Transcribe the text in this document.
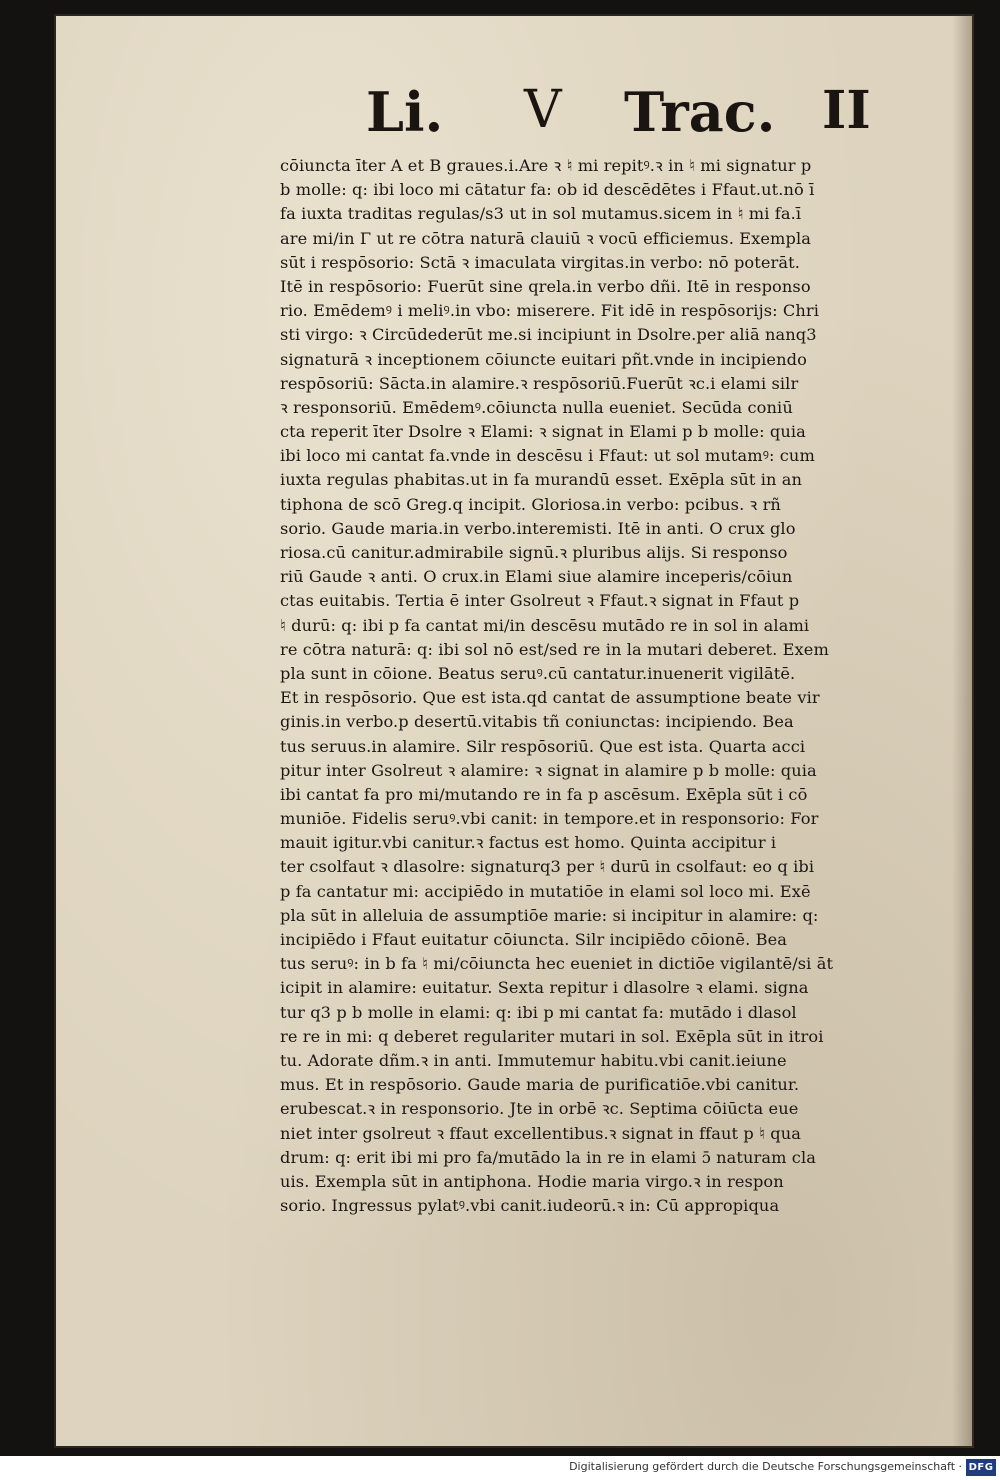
Li. V Trac. II
cōiuncta īter A et B graues.i.Are ꝛ ♮ mi repitꝰ.ꝛ in ♮ mi signatur p
b molle: q: ibi loco mi cātatur fa: ob id descēdētes i Ffaut.ut.nō ī
fa iuxta traditas regulas/s3 ut in sol mutamus.sicem in ♮ mi fa.ī
are mi/in Γ ut re cōtra naturā clauiū ꝛ vocū efficiemus. Exempla
sūt i respōsorio: Sctā ꝛ imaculata virgitas.in verbo: nō poterāt.
Itē in respōsorio: Fuerūt sine qrela.in verbo dñi. Itē in responso
rio. Emēdemꝰ i meliꝰ.in vbo: miserere. Fit idē in respōsorijs: Chri
sti virgo: ꝛ Circūdederūt me.si incipiunt in Dsolre.per aliā nanq3
signaturā ꝛ inceptionem cōiuncte euitari pñt.vnde in incipiendo
respōsoriū: Sācta.in alamire.ꝛ respōsoriū.Fuerūt ꝛc.i elami silr
ꝛ responsoriū. Emēdemꝰ.cōiuncta nulla eueniet. Secūda coniū
cta reperit īter Dsolre ꝛ Elami: ꝛ signat in Elami p b molle: quia
ibi loco mi cantat fa.vnde in descēsu i Ffaut: ut sol mutamꝰ: cum
iuxta regulas phabitas.ut in fa murandū esset. Exēpla sūt in an
tiphona de scō Greg.q incipit. Gloriosa.in verbo: pcibus. ꝛ rñ
sorio. Gaude maria.in verbo.interemisti. Itē in anti. O crux glo
riosa.cū canitur.admirabile signū.ꝛ pluribus alijs. Si responso
riū Gaude ꝛ anti. O crux.in Elami siue alamire inceperis/cōiun
ctas euitabis. Tertia ē inter Gsolreut ꝛ Ffaut.ꝛ signat in Ffaut p
♮ durū: q: ibi p fa cantat mi/in descēsu mutādo re in sol in alami
re cōtra naturā: q: ibi sol nō est/sed re in la mutari deberet. Exem
pla sunt in cōione. Beatus seruꝰ.cū cantatur.inuenerit vigilātē.
Et in respōsorio. Que est ista.qd cantat de assumptione beate vir
ginis.in verbo.p desertū.vitabis tñ coniunctas: incipiendo. Bea
tus seruus.in alamire. Silr respōsoriū. Que est ista. Quarta acci
pitur inter Gsolreut ꝛ alamire: ꝛ signat in alamire p b molle: quia
ibi cantat fa pro mi/mutando re in fa p ascēsum. Exēpla sūt i cō
muniōe. Fidelis seruꝰ.vbi canit: in tempore.et in responsorio: For
mauit igitur.vbi canitur.ꝛ factus est homo. Quinta accipitur i
ter csolfaut ꝛ dlasolre: signaturq3 per ♮ durū in csolfaut: eo q ibi
p fa cantatur mi: accipiēdo in mutatiōe in elami sol loco mi. Exē
pla sūt in alleluia de assumptiōe marie: si incipitur in alamire: q:
incipiēdo i Ffaut euitatur cōiuncta. Silr incipiēdo cōionē. Bea
tus seruꝰ: in b fa ♮ mi/cōiuncta hec eueniet in dictiōe vigilantē/si āt
icipit in alamire: euitatur. Sexta repitur i dlasolre ꝛ elami. signa
tur q3 p b molle in elami: q: ibi p mi cantat fa: mutādo i dlasol
re re in mi: q deberet regulariter mutari in sol. Exēpla sūt in itroi
tu. Adorate dñm.ꝛ in anti. Immutemur habitu.vbi canit.ieiune
mus. Et in respōsorio. Gaude maria de purificatiōe.vbi canitur.
erubescat.ꝛ in responsorio. Jte in orbē ꝛc. Septima cōiūcta eue
niet inter gsolreut ꝛ ffaut excellentibus.ꝛ signat in ffaut p ♮ qua
drum: q: erit ibi mi pro fa/mutādo la in re in elami ɔ̄ naturam cla
uis. Exempla sūt in antiphona. Hodie maria virgo.ꝛ in respon
sorio. Ingressus pylatꝰ.vbi canit.iudeorū.ꝛ in: Cū appropiqua
Digitalisierung gefördert durch die Deutsche Forschungsgemeinschaft · DFG
